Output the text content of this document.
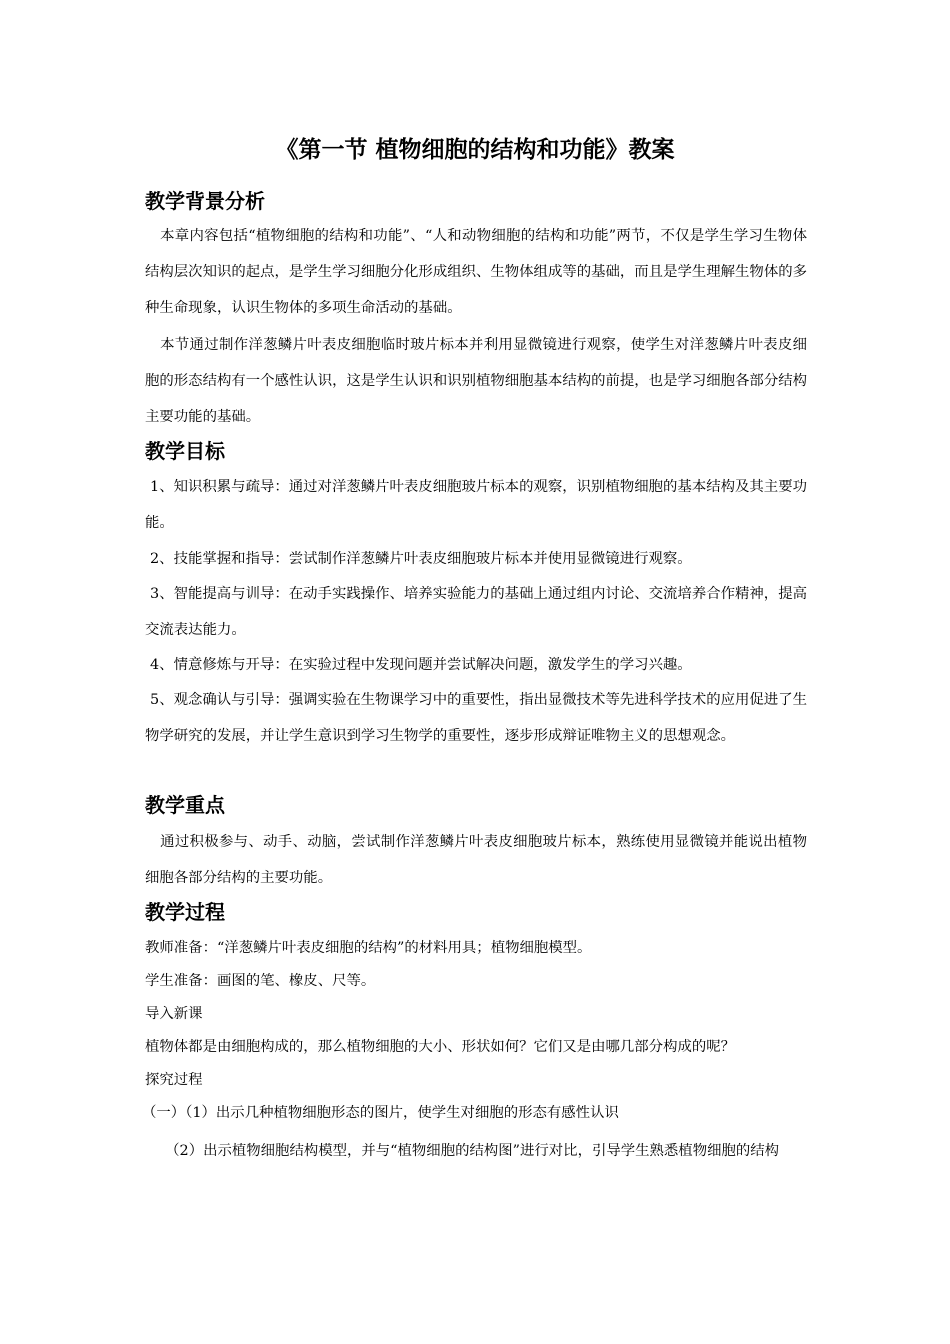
《第一节 植物细胞的结构和功能》教案
教学背景分析
本章内容包括“植物细胞的结构和功能”、“人和动物细胞的结构和功能”两节，不仅是学生学习生物体结构层次知识的起点，是学生学习细胞分化形成组织、生物体组成等的基础，而且是学生理解生物体的多种生命现象，认识生物体的多项生命活动的基础。
本节通过制作洋葱鳞片叶表皮细胞临时玻片标本并利用显微镜进行观察，使学生对洋葱鳞片叶表皮细胞的形态结构有一个感性认识，这是学生认识和识别植物细胞基本结构的前提，也是学习细胞各部分结构主要功能的基础。
教学目标
1、知识积累与疏导：通过对洋葱鳞片叶表皮细胞玻片标本的观察，识别植物细胞的基本结构及其主要功能。
2、技能掌握和指导：尝试制作洋葱鳞片叶表皮细胞玻片标本并使用显微镜进行观察。
3、智能提高与训导：在动手实践操作、培养实验能力的基础上通过组内讨论、交流培养合作精神，提高交流表达能力。
4、情意修炼与开导：在实验过程中发现问题并尝试解决问题，激发学生的学习兴趣。
5、观念确认与引导：强调实验在生物课学习中的重要性，指出显微技术等先进科学技术的应用促进了生物学研究的发展，并让学生意识到学习生物学的重要性，逐步形成辩证唯物主义的思想观念。
教学重点
通过积极参与、动手、动脑，尝试制作洋葱鳞片叶表皮细胞玻片标本，熟练使用显微镜并能说出植物细胞各部分结构的主要功能。
教学过程
教师准备：“洋葱鳞片叶表皮细胞的结构”的材料用具；植物细胞模型。
学生准备：画图的笔、橡皮、尺等。
导入新课
植物体都是由细胞构成的，那么植物细胞的大小、形状如何？它们又是由哪几部分构成的呢？
探究过程
（一）（1）出示几种植物细胞形态的图片，使学生对细胞的形态有感性认识
（2）出示植物细胞结构模型，并与“植物细胞的结构图”进行对比，引导学生熟悉植物细胞的结构
